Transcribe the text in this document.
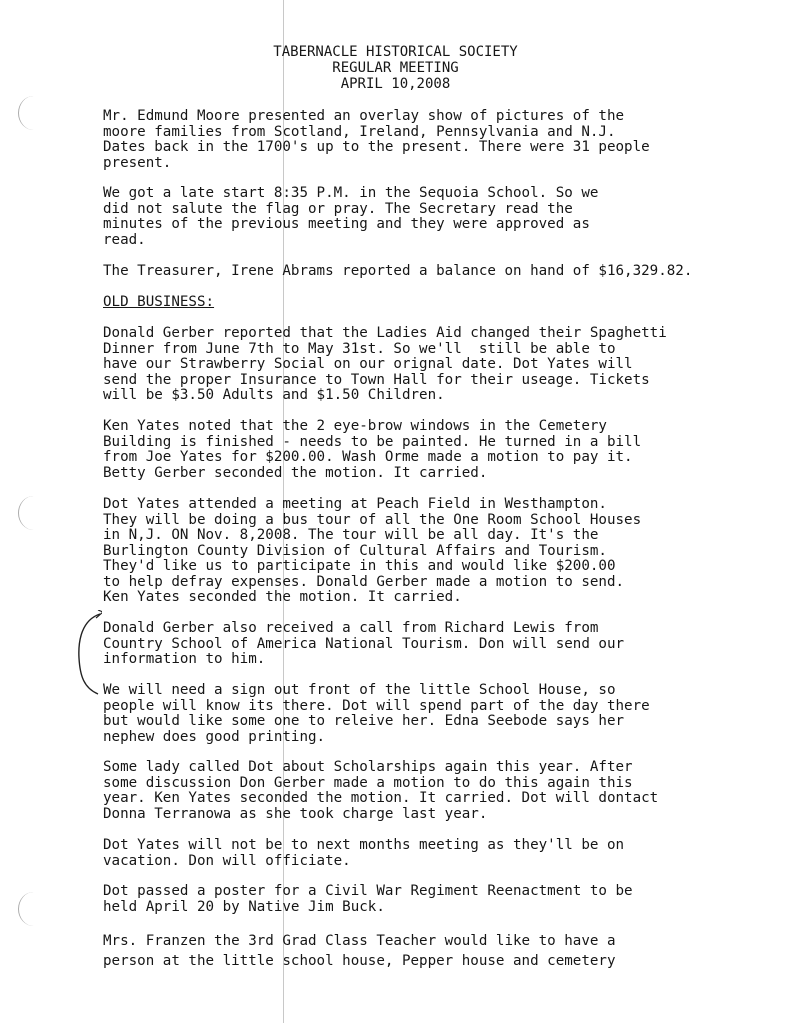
TABERNACLE HISTORICAL SOCIETY
REGULAR MEETING
APRIL 10,2008

Mr. Edmund Moore presented an overlay show of pictures of the
moore families from Scotland, Ireland, Pennsylvania and N.J.
Dates back in the 1700's up to the present. There were 31 people
present.

We got a late start 8:35 P.M. in the Sequoia School. So we
did not salute the flag or pray. The Secretary read the
minutes of the previous meeting and they were approved as
read.

The Treasurer, Irene Abrams reported a balance on hand of $16,329.82.

OLD BUSINESS:

Donald Gerber reported that the Ladies Aid changed their Spaghetti
Dinner from June 7th to May 31st. So we'll  still be able to
have our Strawberry Social on our orignal date. Dot Yates will
send the proper Insurance to Town Hall for their useage. Tickets
will be $3.50 Adults and $1.50 Children.

Ken Yates noted that the 2 eye-brow windows in the Cemetery
Building is finished - needs to be painted. He turned in a bill
from Joe Yates for $200.00. Wash Orme made a motion to pay it.
Betty Gerber seconded the motion. It carried.

Dot Yates attended a meeting at Peach Field in Westhampton.
They will be doing a bus tour of all the One Room School Houses
in N,J. ON Nov. 8,2008. The tour will be all day. It's the
Burlington County Division of Cultural Affairs and Tourism.
They'd like us to participate in this and would like $200.00
to help defray expenses. Donald Gerber made a motion to send.
Ken Yates seconded the motion. It carried.

Donald Gerber also received a call from Richard Lewis from
Country School of America National Tourism. Don will send our
information to him.

We will need a sign out front of the little School House, so
people will know its there. Dot will spend part of the day there
but would like some one to releive her. Edna Seebode says her
nephew does good printing.

Some lady called Dot about Scholarships again this year. After
some discussion Don Gerber made a motion to do this again this
year. Ken Yates seconded the motion. It carried. Dot will dontact
Donna Terranowa as she took charge last year.

Dot Yates will not be to next months meeting as they'll be on
vacation. Don will officiate.

Dot passed a poster for a Civil War Regiment Reenactment to be
held April 20 by Native Jim Buck.

Mrs. Franzen the 3rd Grad Class Teacher would like to have a
person at the little school house, Pepper house and cemetery
